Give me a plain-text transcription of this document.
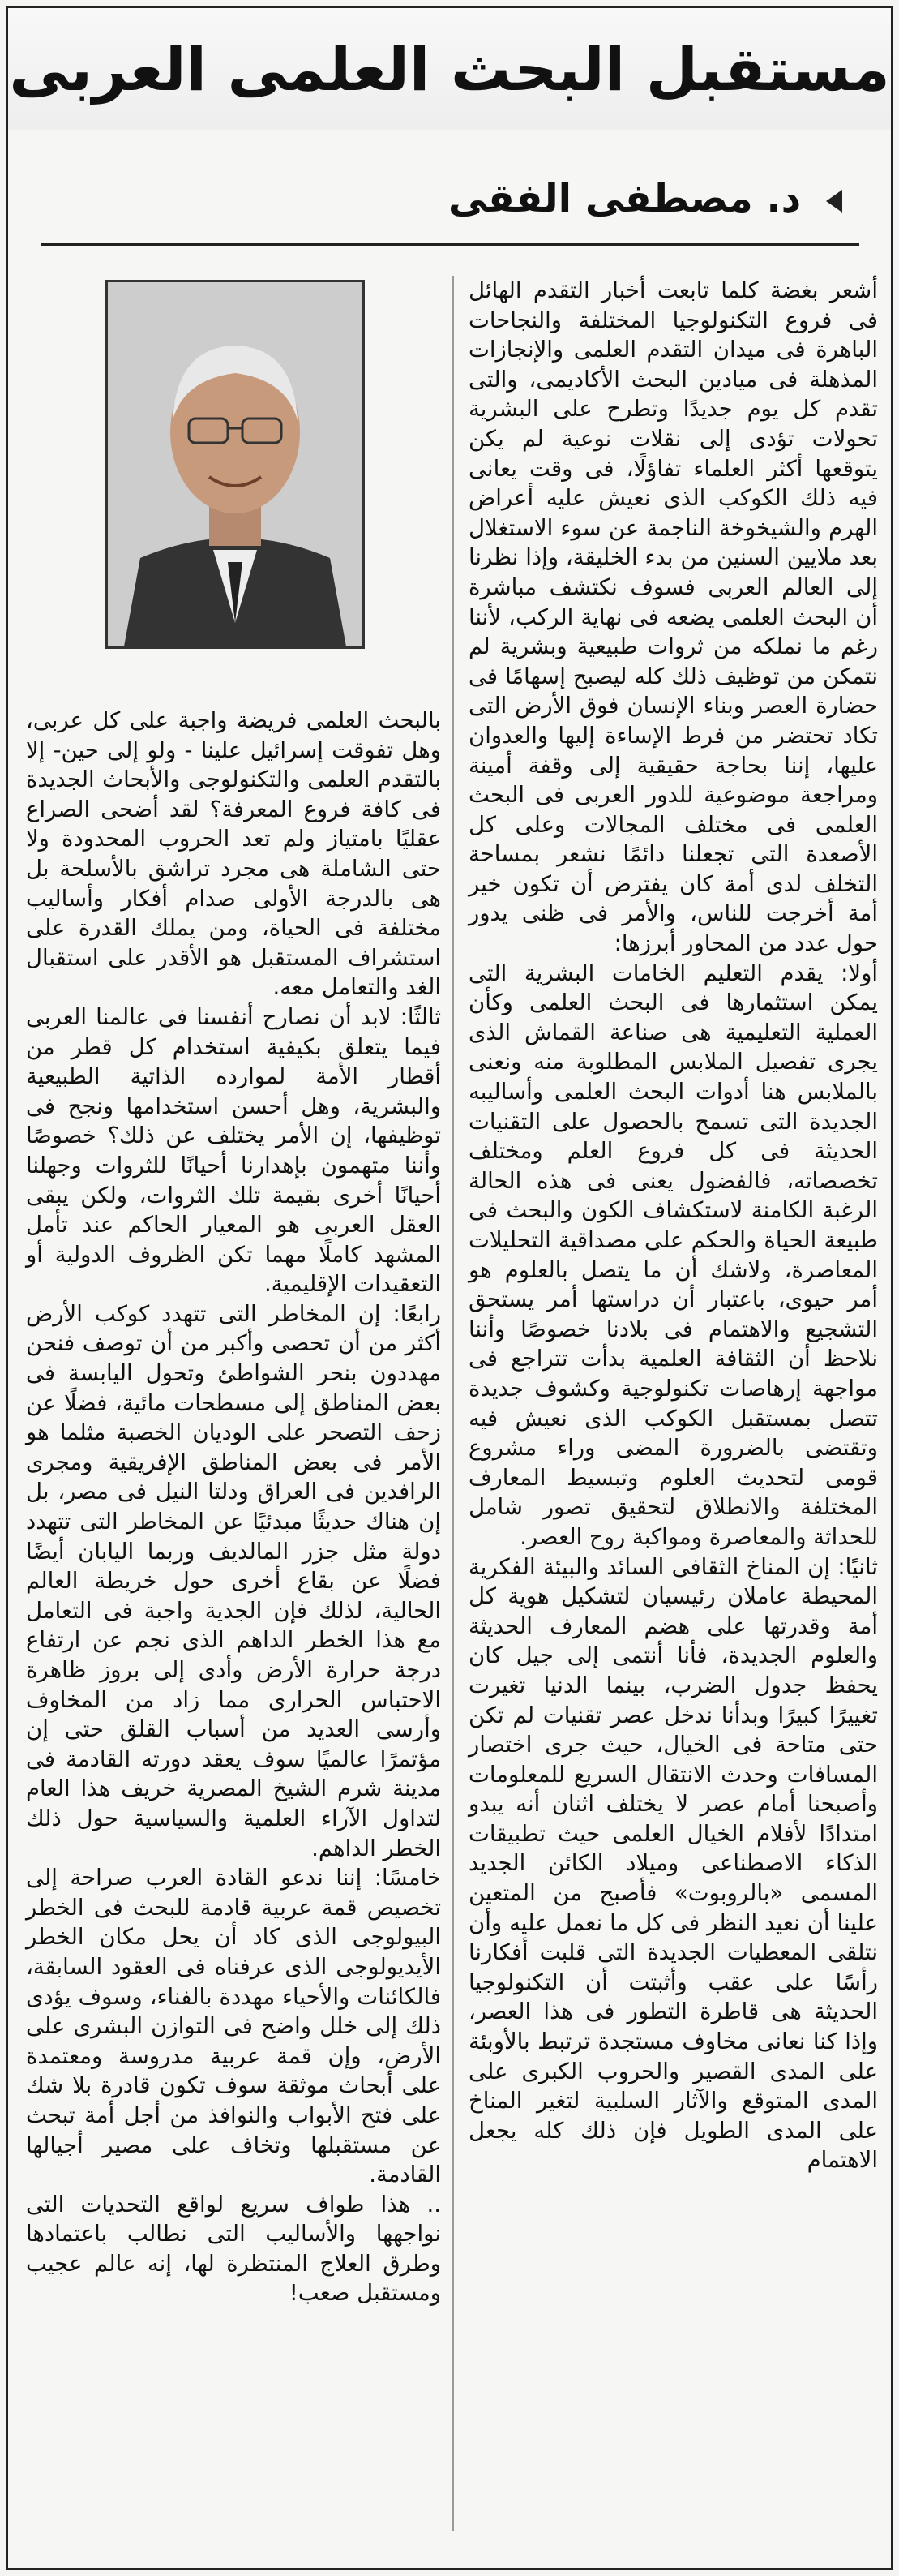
مستقبل البحث العلمى العربى
د. مصطفى الفقى

أشعر بغضة كلما تابعت أخبار التقدم الهائل فى فروع التكنولوجيا المختلفة والنجاحات الباهرة فى ميدان التقدم العلمى والإنجازات المذهلة فى ميادين البحث الأكاديمى، والتى تقدم كل يوم جديدًا وتطرح على البشرية تحولات تؤدى إلى نقلات نوعية لم يكن يتوقعها أكثر العلماء تفاؤلًا، فى وقت يعانى فيه ذلك الكوكب الذى نعيش عليه أعراض الهرم والشيخوخة الناجمة عن سوء الاستغلال بعد ملايين السنين من بدء الخليقة، وإذا نظرنا إلى العالم العربى فسوف نكتشف مباشرة أن البحث العلمى يضعه فى نهاية الركب، لأننا رغم ما نملكه من ثروات طبيعية وبشرية لم نتمكن من توظيف ذلك كله ليصبح إسهامًا فى حضارة العصر وبناء الإنسان فوق الأرض التى تكاد تحتضر من فرط الإساءة إليها والعدوان عليها، إننا بحاجة حقيقية إلى وقفة أمينة ومراجعة موضوعية للدور العربى فى البحث العلمى فى مختلف المجالات وعلى كل الأصعدة التى تجعلنا دائمًا نشعر بمساحة التخلف لدى أمة كان يفترض أن تكون خير أمة أخرجت للناس، والأمر فى ظنى يدور حول عدد من المحاور أبرزها:

أولا: يقدم التعليم الخامات البشرية التى يمكن استثمارها فى البحث العلمى وكأن العملية التعليمية هى صناعة القماش الذى يجرى تفصيل الملابس المطلوبة منه ونعنى بالملابس هنا أدوات البحث العلمى وأساليبه الجديدة التى تسمح بالحصول على التقنيات الحديثة فى كل فروع العلم ومختلف تخصصاته، فالفضول يعنى فى هذه الحالة الرغبة الكامنة لاستكشاف الكون والبحث فى طبيعة الحياة والحكم على مصداقية التحليلات المعاصرة، ولاشك أن ما يتصل بالعلوم هو أمر حيوى، باعتبار أن دراستها أمر يستحق التشجيع والاهتمام فى بلادنا خصوصًا وأننا نلاحظ أن الثقافة العلمية بدأت تتراجع فى مواجهة إرهاصات تكنولوجية وكشوف جديدة تتصل بمستقبل الكوكب الذى نعيش فيه وتقتضى بالضرورة المضى وراء مشروع قومى لتحديث العلوم وتبسيط المعارف المختلفة والانطلاق لتحقيق تصور شامل للحداثة والمعاصرة ومواكبة روح العصر.

ثانيًا: إن المناخ الثقافى السائد والبيئة الفكرية المحيطة عاملان رئيسيان لتشكيل هوية كل أمة وقدرتها على هضم المعارف الحديثة والعلوم الجديدة، فأنا أنتمى إلى جيل كان يحفظ جدول الضرب، بينما الدنيا تغيرت تغييرًا كبيرًا وبدأنا ندخل عصر تقنيات لم تكن حتى متاحة فى الخيال، حيث جرى اختصار المسافات وحدث الانتقال السريع للمعلومات وأصبحنا أمام عصر لا يختلف اثنان أنه يبدو امتدادًا لأفلام الخيال العلمى حيث تطبيقات الذكاء الاصطناعى وميلاد الكائن الجديد المسمى «بالروبوت» فأصبح من المتعين علينا أن نعيد النظر فى كل ما نعمل عليه وأن نتلقى المعطيات الجديدة التى قلبت أفكارنا رأسًا على عقب وأثبتت أن التكنولوجيا الحديثة هى قاطرة التطور فى هذا العصر، وإذا كنا نعانى مخاوف مستجدة ترتبط بالأوبئة على المدى القصير والحروب الكبرى على المدى المتوقع والآثار السلبية لتغير المناخ على المدى الطويل فإن ذلك كله يجعل الاهتمام

بالبحث العلمى فريضة واجبة على كل عربى، وهل تفوقت إسرائيل علينا - ولو إلى حين- إلا بالتقدم العلمى والتكنولوجى والأبحاث الجديدة فى كافة فروع المعرفة؟ لقد أضحى الصراع عقليًا بامتياز ولم تعد الحروب المحدودة ولا حتى الشاملة هى مجرد تراشق بالأسلحة بل هى بالدرجة الأولى صدام أفكار وأساليب مختلفة فى الحياة، ومن يملك القدرة على استشراف المستقبل هو الأقدر على استقبال الغد والتعامل معه.

ثالثًا: لابد أن نصارح أنفسنا فى عالمنا العربى فيما يتعلق بكيفية استخدام كل قطر من أقطار الأمة لموارده الذاتية الطبيعية والبشرية، وهل أحسن استخدامها ونجح فى توظيفها، إن الأمر يختلف عن ذلك؟ خصوصًا وأننا متهمون بإهدارنا أحيانًا للثروات وجهلنا أحيانًا أخرى بقيمة تلك الثروات، ولكن يبقى العقل العربى هو المعيار الحاكم عند تأمل المشهد كاملًا مهما تكن الظروف الدولية أو التعقيدات الإقليمية.

رابعًا: إن المخاطر التى تتهدد كوكب الأرض أكثر من أن تحصى وأكبر من أن توصف فنحن مهددون بنحر الشواطئ وتحول اليابسة فى بعض المناطق إلى مسطحات مائية، فضلًا عن زحف التصحر على الوديان الخصبة مثلما هو الأمر فى بعض المناطق الإفريقية ومجرى الرافدين فى العراق ودلتا النيل فى مصر، بل إن هناك حديثًا مبدئيًا عن المخاطر التى تتهدد دولة مثل جزر المالديف وربما اليابان أيضًا فضلًا عن بقاع أخرى حول خريطة العالم الحالية، لذلك فإن الجدية واجبة فى التعامل مع هذا الخطر الداهم الذى نجم عن ارتفاع درجة حرارة الأرض وأدى إلى بروز ظاهرة الاحتباس الحرارى مما زاد من المخاوف وأرسى العديد من أسباب القلق حتى إن مؤتمرًا عالميًا سوف يعقد دورته القادمة فى مدينة شرم الشيخ المصرية خريف هذا العام لتداول الآراء العلمية والسياسية حول ذلك الخطر الداهم.

خامسًا: إننا ندعو القادة العرب صراحة إلى تخصيص قمة عربية قادمة للبحث فى الخطر البيولوجى الذى كاد أن يحل مكان الخطر الأيديولوجى الذى عرفناه فى العقود السابقة، فالكائنات والأحياء مهددة بالفناء، وسوف يؤدى ذلك إلى خلل واضح فى التوازن البشرى على الأرض، وإن قمة عربية مدروسة ومعتمدة على أبحاث موثقة سوف تكون قادرة بلا شك على فتح الأبواب والنوافذ من أجل أمة تبحث عن مستقبلها وتخاف على مصير أجيالها القادمة.

.. هذا طواف سريع لواقع التحديات التى نواجهها والأساليب التى نطالب باعتمادها وطرق العلاج المنتظرة لها، إنه عالم عجيب ومستقبل صعب!
